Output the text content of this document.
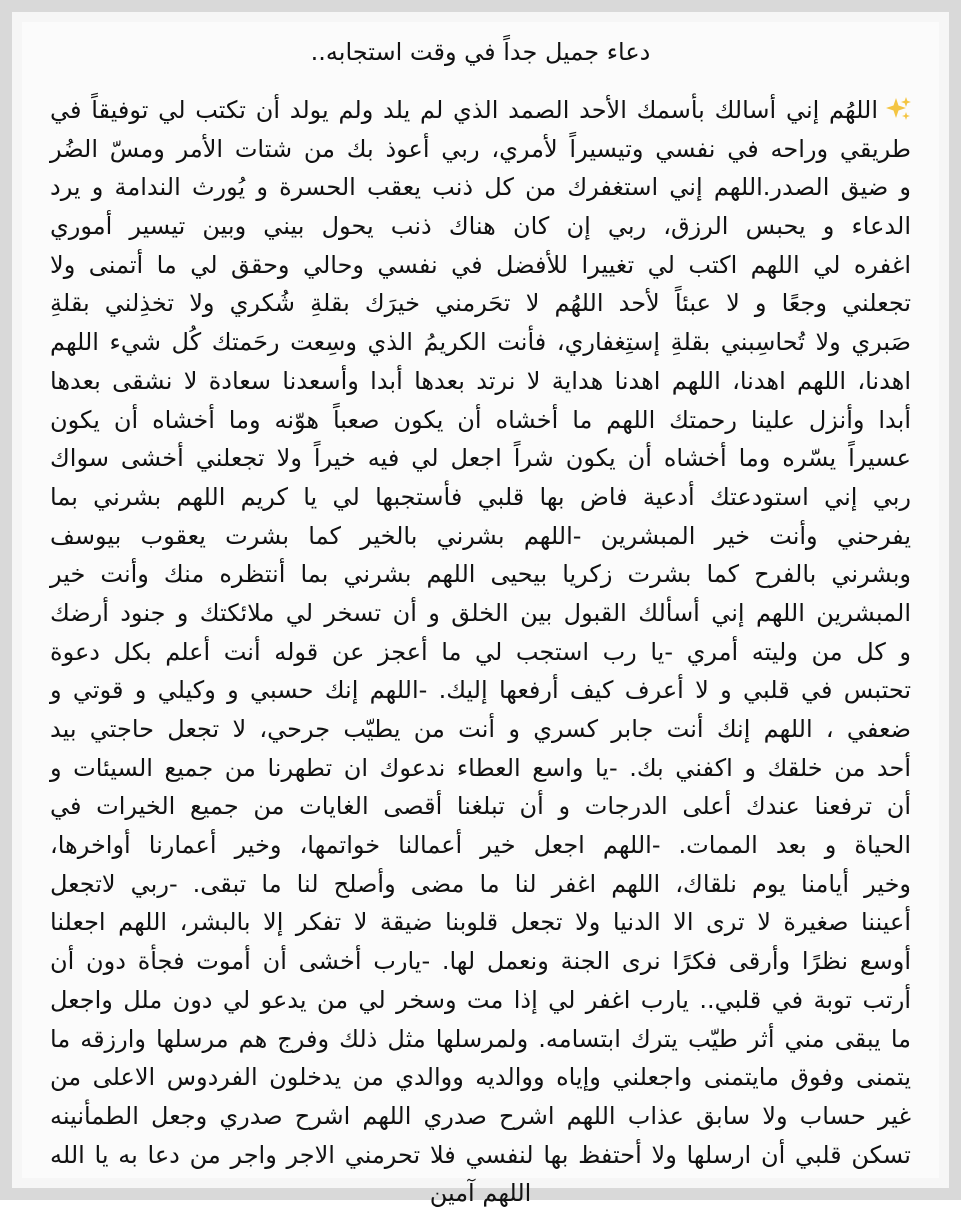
دعاء جميل جداً في وقت استجابه..
اللهُم إني أسالك بأسمك الأحد الصمد الذي لم يلد ولم يولد أن تكتب لي توفيقاً في
طريقي وراحه في نفسي وتيسيراً لأمري، ربي أعوذ بك من شتات الأمر ومسّ الضُر
و ضيق الصدر.اللهم إني استغفرك من كل ذنب يعقب الحسرة و يُورث الندامة و يرد
الدعاء و يحبس الرزق، ربي إن كان هناك ذنب يحول بيني وبين تيسير أموري
اغفره لي اللهم اكتب لي تغييرا للأفضل في نفسي وحالي وحقق لي ما أتمنى ولا
تجعلني وجعًا و لا عبئاً لأحد اللهُم لا تحَرمني خيرَك بقلةِ شُكري ولا تخذِلني بقلةِ
صَبري ولا تُحاسِبني بقلةِ إستِغفاري، فأنت الكريمُ الذي وسِعت رحَمتك كُل شيء اللهم
اهدنا، اللهم اهدنا، اللهم اهدنا هداية لا نرتد بعدها أبدا وأسعدنا سعادة لا نشقى بعدها
أبدا وأنزل علينا رحمتك اللهم ما أخشاه أن يكون صعباً هوّنه وما أخشاه أن يكون
عسيراً يسّره وما أخشاه أن يكون شراً اجعل لي فيه خيراً ولا تجعلني أخشى سواك
ربي إني استودعتك أدعية فاض بها قلبي فأستجبها لي يا كريم اللهم بشرني بما
يفرحني وأنت خير المبشرين -اللهم بشرني بالخير كما بشرت يعقوب بيوسف
وبشرني بالفرح كما بشرت زكريا بيحيى اللهم بشرني بما أنتظره منك وأنت خير
المبشرين اللهم إني أسألك القبول بين الخلق و أن تسخر لي ملائكتك و جنود أرضك
و كل من وليته أمري -يا رب استجب لي ما أعجز عن قوله أنت أعلم بكل دعوة
تحتبس في قلبي و لا أعرف كيف أرفعها إليك. -اللهم إنك حسبي و وكيلي و قوتي و
ضعفي ، اللهم إنك أنت جابر كسري و أنت من يطيّب جرحي، لا تجعل حاجتي بيد
أحد من خلقك و اكفني بك. -يا واسع العطاء ندعوك ان تطهرنا من جميع السيئات و
أن ترفعنا عندك أعلى الدرجات و أن تبلغنا أقصى الغايات من جميع الخيرات في
الحياة و بعد الممات. -اللهم اجعل خير أعمالنا خواتمها، وخير أعمارنا أواخرها،
وخير أيامنا يوم نلقاك، اللهم اغفر لنا ما مضى وأصلح لنا ما تبقى. -ربي لاتجعل
أعيننا صغيرة لا ترى الا الدنيا ولا تجعل قلوبنا ضيقة لا تفكر إلا بالبشر، اللهم اجعلنا
أوسع نظرًا وأرقى فكرًا نرى الجنة ونعمل لها. -يارب أخشى أن أموت فجأة دون أن
أرتب توبة في قلبي.. يارب اغفر لي إذا مت وسخر لي من يدعو لي دون ملل واجعل
ما يبقى مني أثر طيّب يترك ابتسامه. ولمرسلها مثل ذلك وفرج هم مرسلها وارزقه ما
يتمنى وفوق مايتمنى واجعلني وإياه ووالديه ووالدي من يدخلون الفردوس الاعلى من
غير حساب ولا سابق عذاب اللهم اشرح صدري اللهم اشرح صدري وجعل الطمأنينه
تسكن قلبي أن ارسلها ولا أحتفظ بها لنفسي فلا تحرمني الاجر واجر من دعا به يا الله
اللهم آمين
